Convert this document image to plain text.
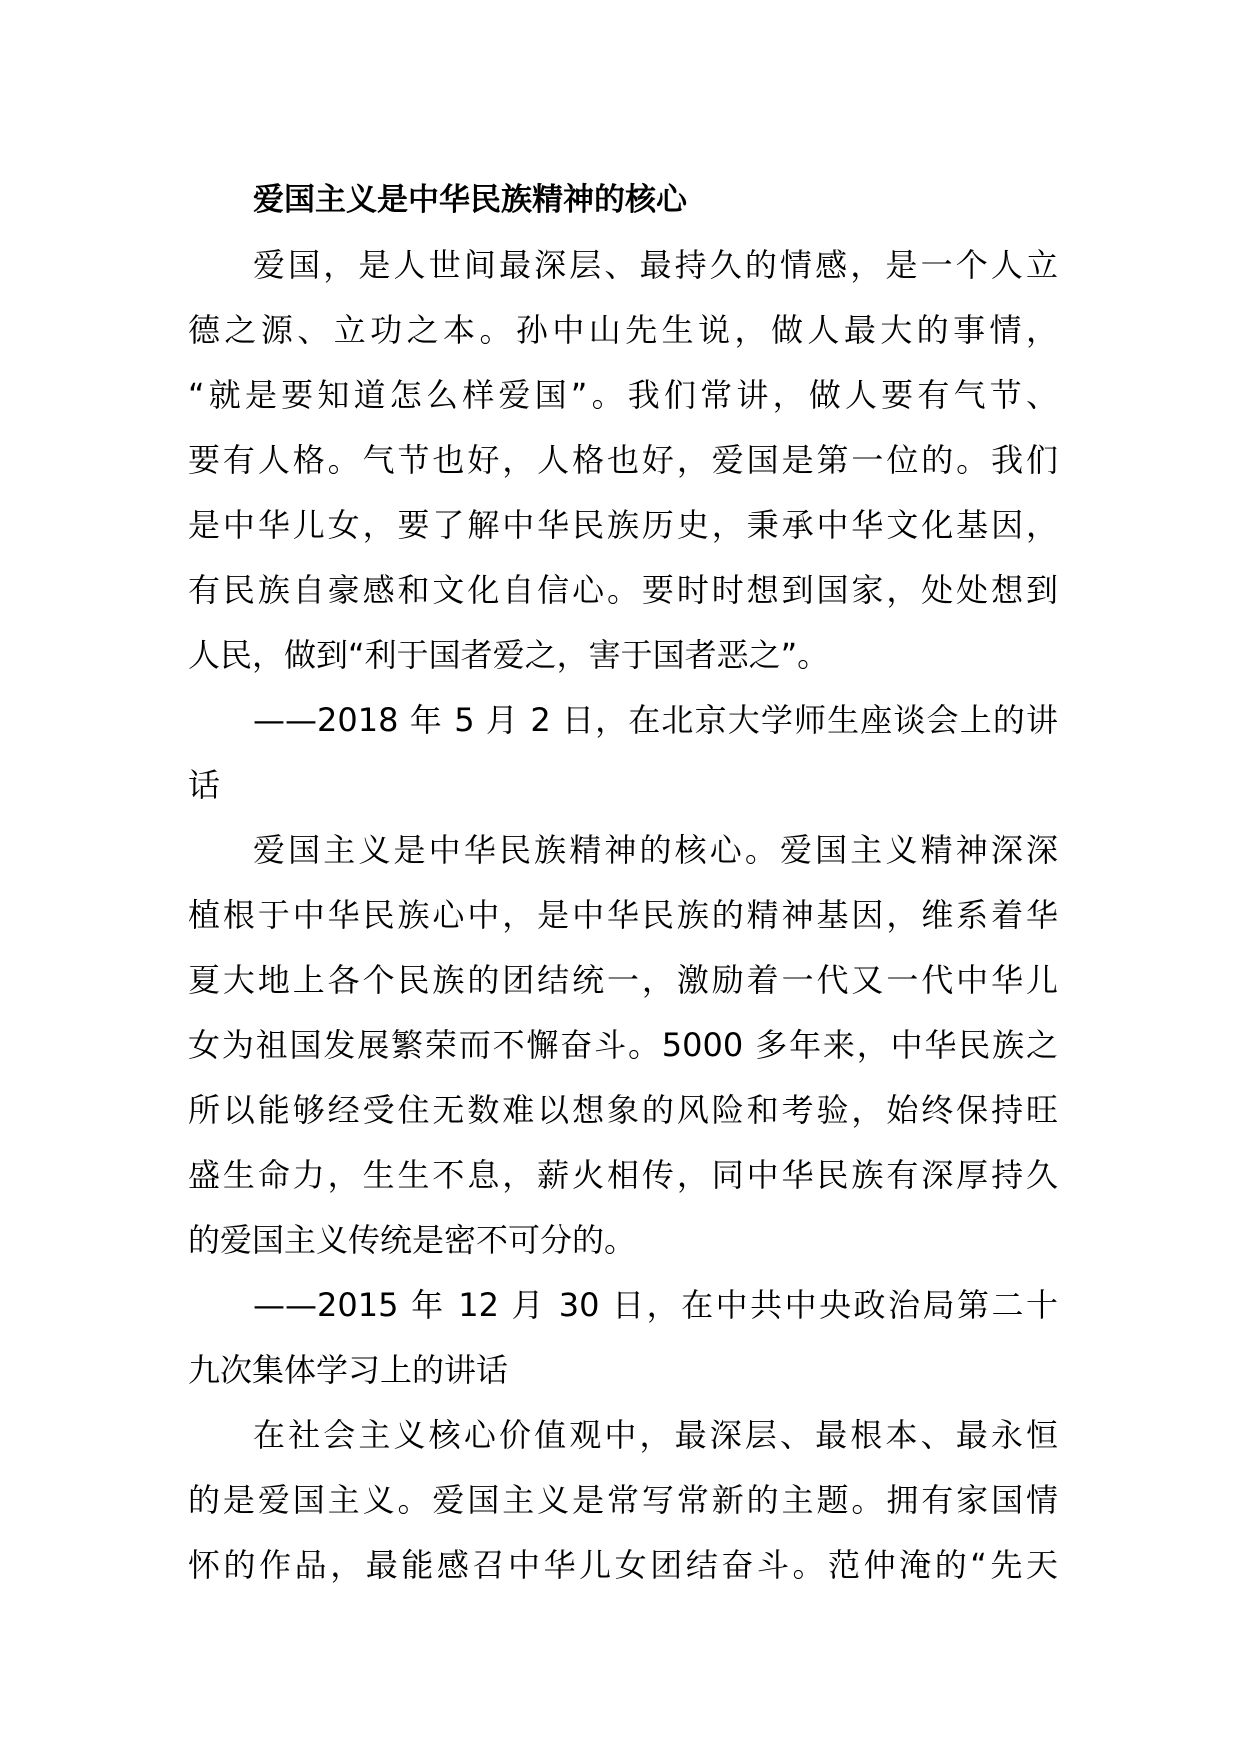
爱国主义是中华民族精神的核心
爱国，是人世间最深层、最持久的情感，是一个人立
德之源、立功之本。孙中山先生说，做人最大的事情，
“就是要知道怎么样爱国”。我们常讲，做人要有气节、
要有人格。气节也好，人格也好，爱国是第一位的。我们
是中华儿女，要了解中华民族历史，秉承中华文化基因，
有民族自豪感和文化自信心。要时时想到国家，处处想到
人民，做到“利于国者爱之，害于国者恶之”。
——2018 年 5 月 2 日，在北京大学师生座谈会上的讲
话
爱国主义是中华民族精神的核心。爱国主义精神深深
植根于中华民族心中，是中华民族的精神基因，维系着华
夏大地上各个民族的团结统一，激励着一代又一代中华儿
女为祖国发展繁荣而不懈奋斗。5000 多年来，中华民族之
所以能够经受住无数难以想象的风险和考验，始终保持旺
盛生命力，生生不息，薪火相传，同中华民族有深厚持久
的爱国主义传统是密不可分的。
——2015 年 12 月 30 日，在中共中央政治局第二十
九次集体学习上的讲话
在社会主义核心价值观中，最深层、最根本、最永恒
的是爱国主义。爱国主义是常写常新的主题。拥有家国情
怀的作品，最能感召中华儿女团结奋斗。范仲淹的“先天
